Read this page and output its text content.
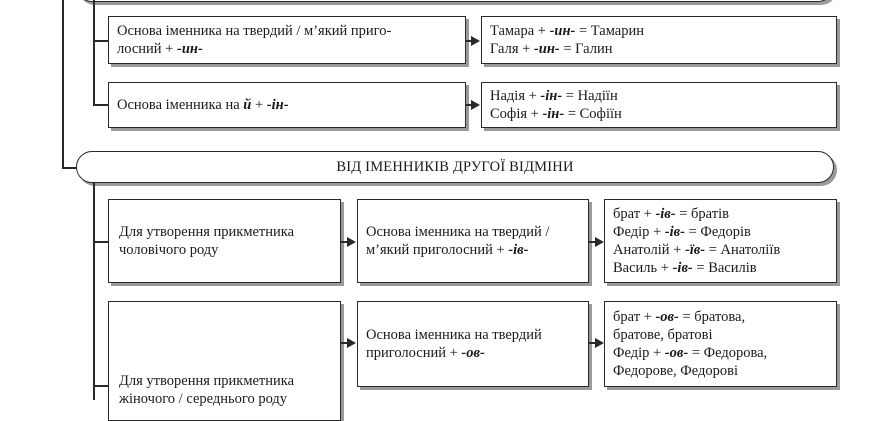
Основа іменника на твердий / м’який приго-
лосний + -ин-
Тамара + -ин- = Тамарин
Галя + -ин- = Галин
Основа іменника на й + -ін-
Надія + -ін- = Надіїн
Софія + -ін- = Софіїн
ВІД ІМЕННИКІВ ДРУГОЇ ВІДМІНИ
Для утворення прикметника
чоловічого роду
Основа іменника на твердий /
м’який приголосний + -ів-
брат + -ів- = братів
Федір + -ів- = Федорів
Анатолій + -їв- = Анатоліїв
Василь + -ів- = Василів
Для утворення прикметника
жіночого / середнього роду
Основа іменника на твердий
приголосний + -ов-
брат + -ов- = братова,
братове, братові
Федір + -ов- = Федорова,
Федорове, Федорові
